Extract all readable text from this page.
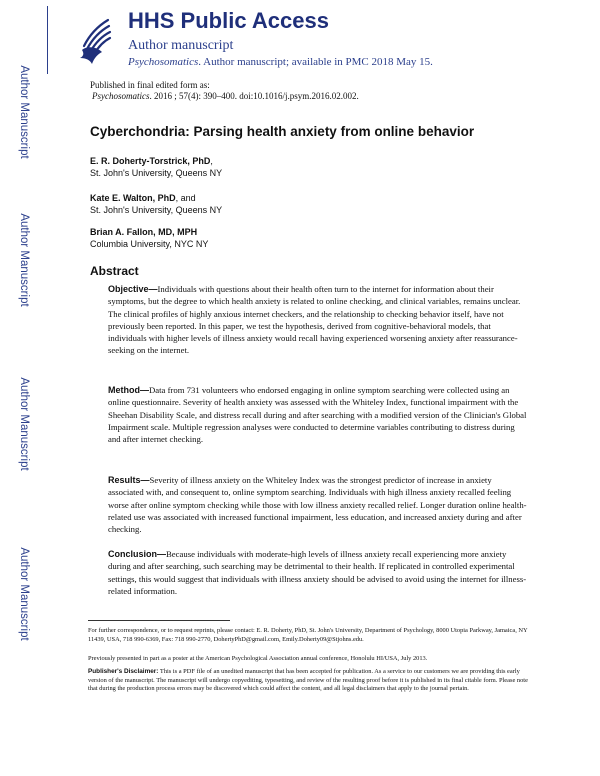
Author Manuscript
Author Manuscript
Author Manuscript
Author Manuscript
HHS Public Access
Author manuscript
Psychosomatics. Author manuscript; available in PMC 2018 May 15.
Published in final edited form as:
Psychosomatics. 2016 ; 57(4): 390–400. doi:10.1016/j.psym.2016.02.002.
Cyberchondria: Parsing health anxiety from online behavior
E. R. Doherty-Torstrick, PhD,
St. John's University, Queens NY
Kate E. Walton, PhD, and
St. John's University, Queens NY
Brian A. Fallon, MD, MPH
Columbia University, NYC NY
Abstract
Objective—Individuals with questions about their health often turn to the internet for information about their symptoms, but the degree to which health anxiety is related to online checking, and clinical variables, remains unclear. The clinical profiles of highly anxious internet checkers, and the relationship to checking behavior itself, have not previously been reported. In this paper, we test the hypothesis, derived from cognitive-behavioral models, that individuals with higher levels of illness anxiety would recall having experienced worsening anxiety after reassurance-seeking on the internet.
Method—Data from 731 volunteers who endorsed engaging in online symptom searching were collected using an online questionnaire. Severity of health anxiety was assessed with the Whiteley Index, functional impairment with the Sheehan Disability Scale, and distress recall during and after searching with a modified version of the Clinician's Global Impairment scale. Multiple regression analyses were conducted to determine variables contributing to distress during and after internet checking.
Results—Severity of illness anxiety on the Whiteley Index was the strongest predictor of increase in anxiety associated with, and consequent to, online symptom searching. Individuals with high illness anxiety recalled feeling worse after online symptom checking while those with low illness anxiety recalled relief. Longer duration online health-related use was associated with increased functional impairment, less education, and increased anxiety during and after checking.
Conclusion—Because individuals with moderate-high levels of illness anxiety recall experiencing more anxiety during and after searching, such searching may be detrimental to their health. If replicated in controlled experimental settings, this would suggest that individuals with illness anxiety should be advised to avoid using the internet for illness-related information.
For further correspondence, or to request reprints, please contact: E. R. Doherty, PhD, St. John's University, Department of Psychology, 8000 Utopia Parkway, Jamaica, NY 11439, USA, 718 990-6369, Fax: 718 990-2770, DohertyPhD@gmail.com, Emily.Doherty09@Stjohns.edu.
Previously presented in part as a poster at the American Psychological Association annual conference, Honolulu HI/USA, July 2013.
Publisher's Disclaimer: This is a PDF file of an unedited manuscript that has been accepted for publication. As a service to our customers we are providing this early version of the manuscript. The manuscript will undergo copyediting, typesetting, and review of the resulting proof before it is published in its final citable form. Please note that during the production process errors may be discovered which could affect the content, and all legal disclaimers that apply to the journal pertain.
